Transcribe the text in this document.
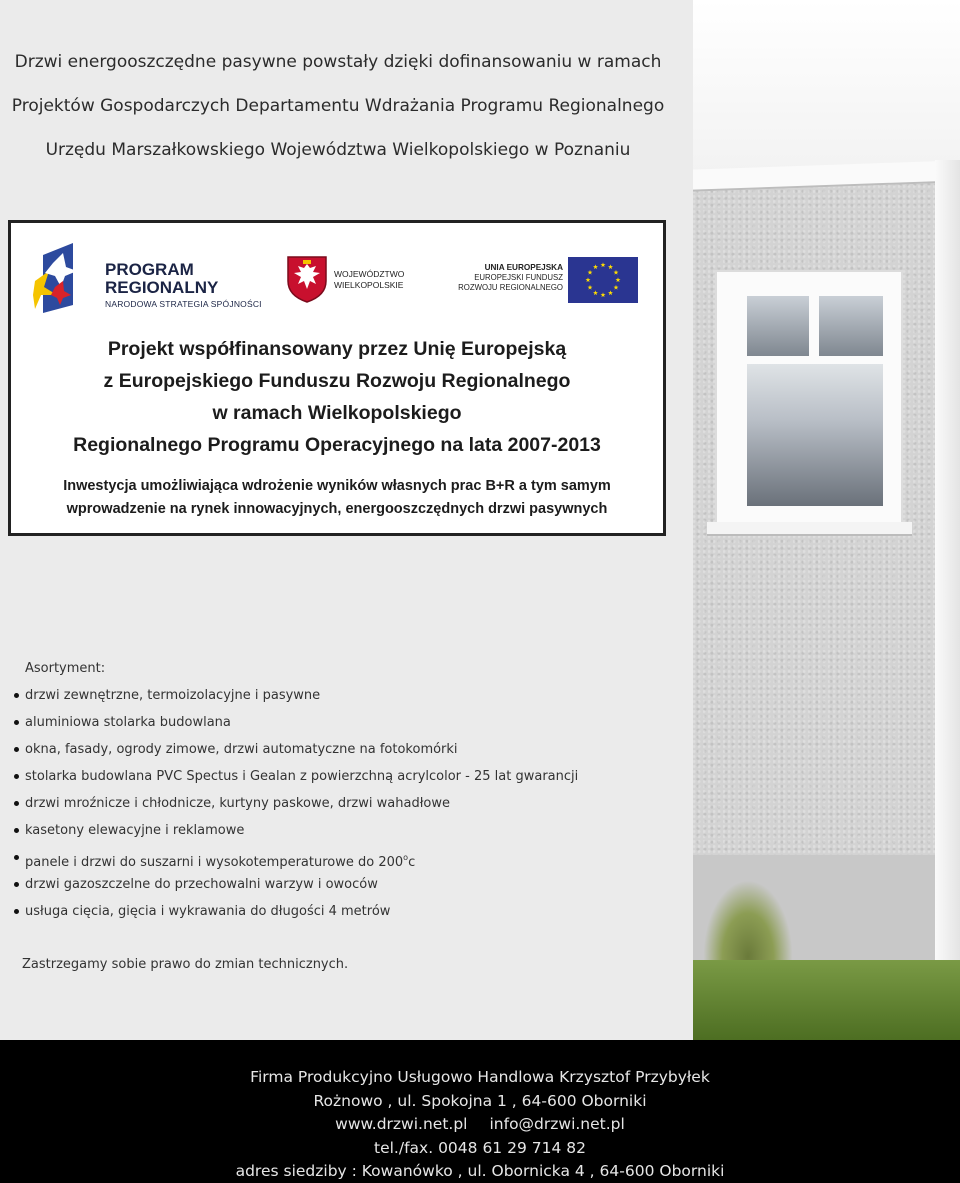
Drzwi energooszczędne pasywne powstały dzięki dofinansowaniu w ramach
Projektów Gospodarczych Departamentu Wdrażania Programu Regionalnego
Urzędu Marszałkowskiego Województwa Wielkopolskiego w Poznaniu
PROGRAM
REGIONALNY
NARODOWA STRATEGIA SPÓJNOŚCI
WOJEWÓDZTWO
WIELKOPOLSKIE
UNIA EUROPEJSKA
EUROPEJSKI FUNDUSZ
ROZWOJU REGIONALNEGO
Projekt współfinansowany przez Unię Europejską
z Europejskiego Funduszu Rozwoju Regionalnego
w ramach Wielkopolskiego
Regionalnego Programu Operacyjnego na lata 2007-2013
Inwestycja umożliwiająca wdrożenie wyników własnych prac B+R a tym samym
wprowadzenie na rynek innowacyjnych, energooszczędnych drzwi pasywnych
Asortyment:
drzwi zewnętrzne, termoizolacyjne i pasywne
aluminiowa stolarka budowlana
okna, fasady, ogrody zimowe, drzwi automatyczne na fotokomórki
stolarka budowlana PVC Spectus i Gealan z powierzchną acrylcolor - 25 lat gwarancji
drzwi mroźnicze i chłodnicze, kurtyny paskowe, drzwi wahadłowe
kasetony elewacyjne i reklamowe
panele i drzwi do suszarni i wysokotemperaturowe do 200$^o$c
drzwi gazoszczelne do przechowalni warzyw i owoców
usługa cięcia, gięcia i wykrawania do długości 4 metrów
Zastrzegamy sobie prawo do zmian technicznych.
Firma Produkcyjno Usługowo Handlowa Krzysztof Przybyłek
Rożnowo , ul. Spokojna 1 , 64-600 Oborniki
www.drzwi.net.pl info@drzwi.net.pl
tel./fax. 0048 61 29 714 82
adres siedziby : Kowanówko , ul. Obornicka 4 , 64-600 Oborniki
